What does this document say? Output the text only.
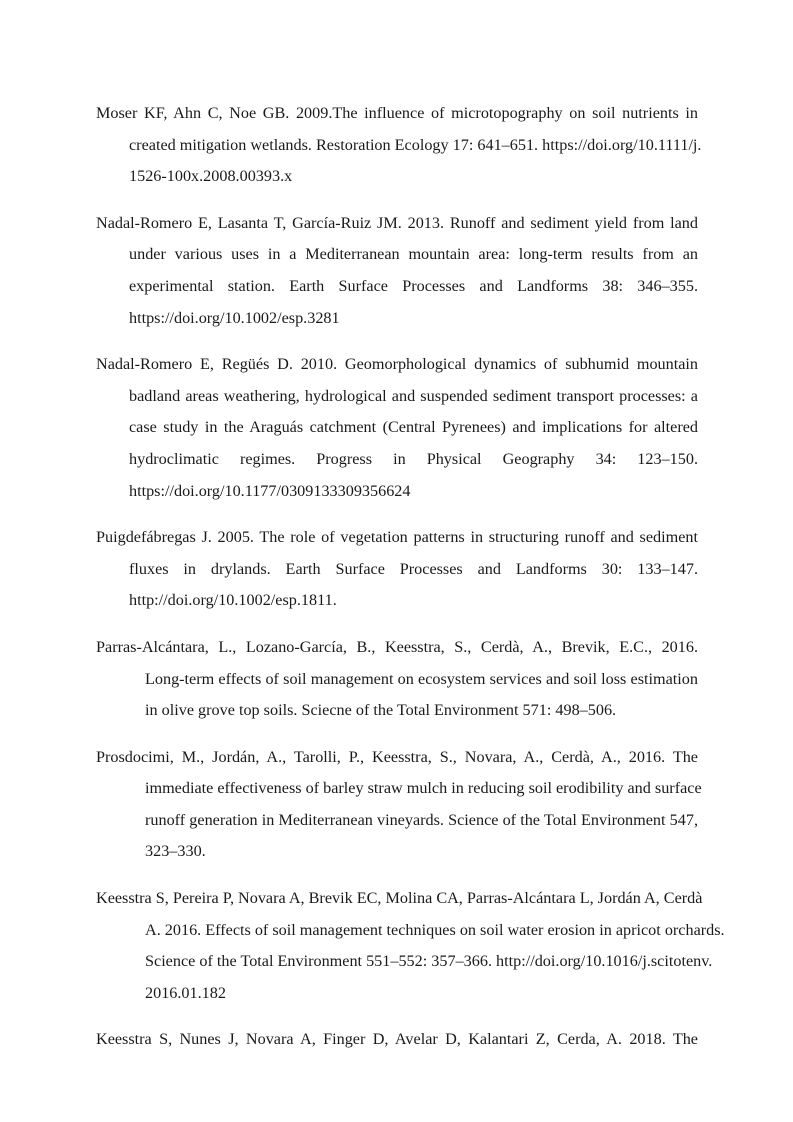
Moser KF, Ahn C, Noe GB. 2009.The influence of microtopography on soil nutrients in
created mitigation wetlands. Restoration Ecology 17: 641–651. https://doi.org/10.1111/j.
1526-100x.2008.00393.x
Nadal-Romero E, Lasanta T, García-Ruiz JM. 2013. Runoff and sediment yield from land
under various uses in a Mediterranean mountain area: long-term results from an
experimental station. Earth Surface Processes and Landforms 38: 346–355.
https://doi.org/10.1002/esp.3281
Nadal-Romero E, Regüés D. 2010. Geomorphological dynamics of subhumid mountain
badland areas weathering, hydrological and suspended sediment transport processes: a
case study in the Araguás catchment (Central Pyrenees) and implications for altered
hydroclimatic regimes. Progress in Physical Geography 34: 123–150.
https://doi.org/10.1177/0309133309356624
Puigdefábregas J. 2005. The role of vegetation patterns in structuring runoff and sediment
fluxes in drylands. Earth Surface Processes and Landforms 30: 133–147.
http://doi.org/10.1002/esp.1811.
Parras-Alcántara, L., Lozano-García, B., Keesstra, S., Cerdà, A., Brevik, E.C., 2016.
Long-term effects of soil management on ecosystem services and soil loss estimation
in olive grove top soils. Sciecne of the Total Environment 571: 498–506.
Prosdocimi, M., Jordán, A., Tarolli, P., Keesstra, S., Novara, A., Cerdà, A., 2016. The
immediate effectiveness of barley straw mulch in reducing soil erodibility and surface
runoff generation in Mediterranean vineyards. Science of the Total Environment 547,
323–330.
Keesstra S, Pereira P, Novara A, Brevik EC, Molina CA, Parras-Alcántara L, Jordán A, Cerdà
A. 2016. Effects of soil management techniques on soil water erosion in apricot orchards.
Science of the Total Environment 551–552: 357–366. http://doi.org/10.1016/j.scitotenv.
2016.01.182
Keesstra S, Nunes J, Novara A, Finger D, Avelar D, Kalantari Z, Cerda, A. 2018. The
